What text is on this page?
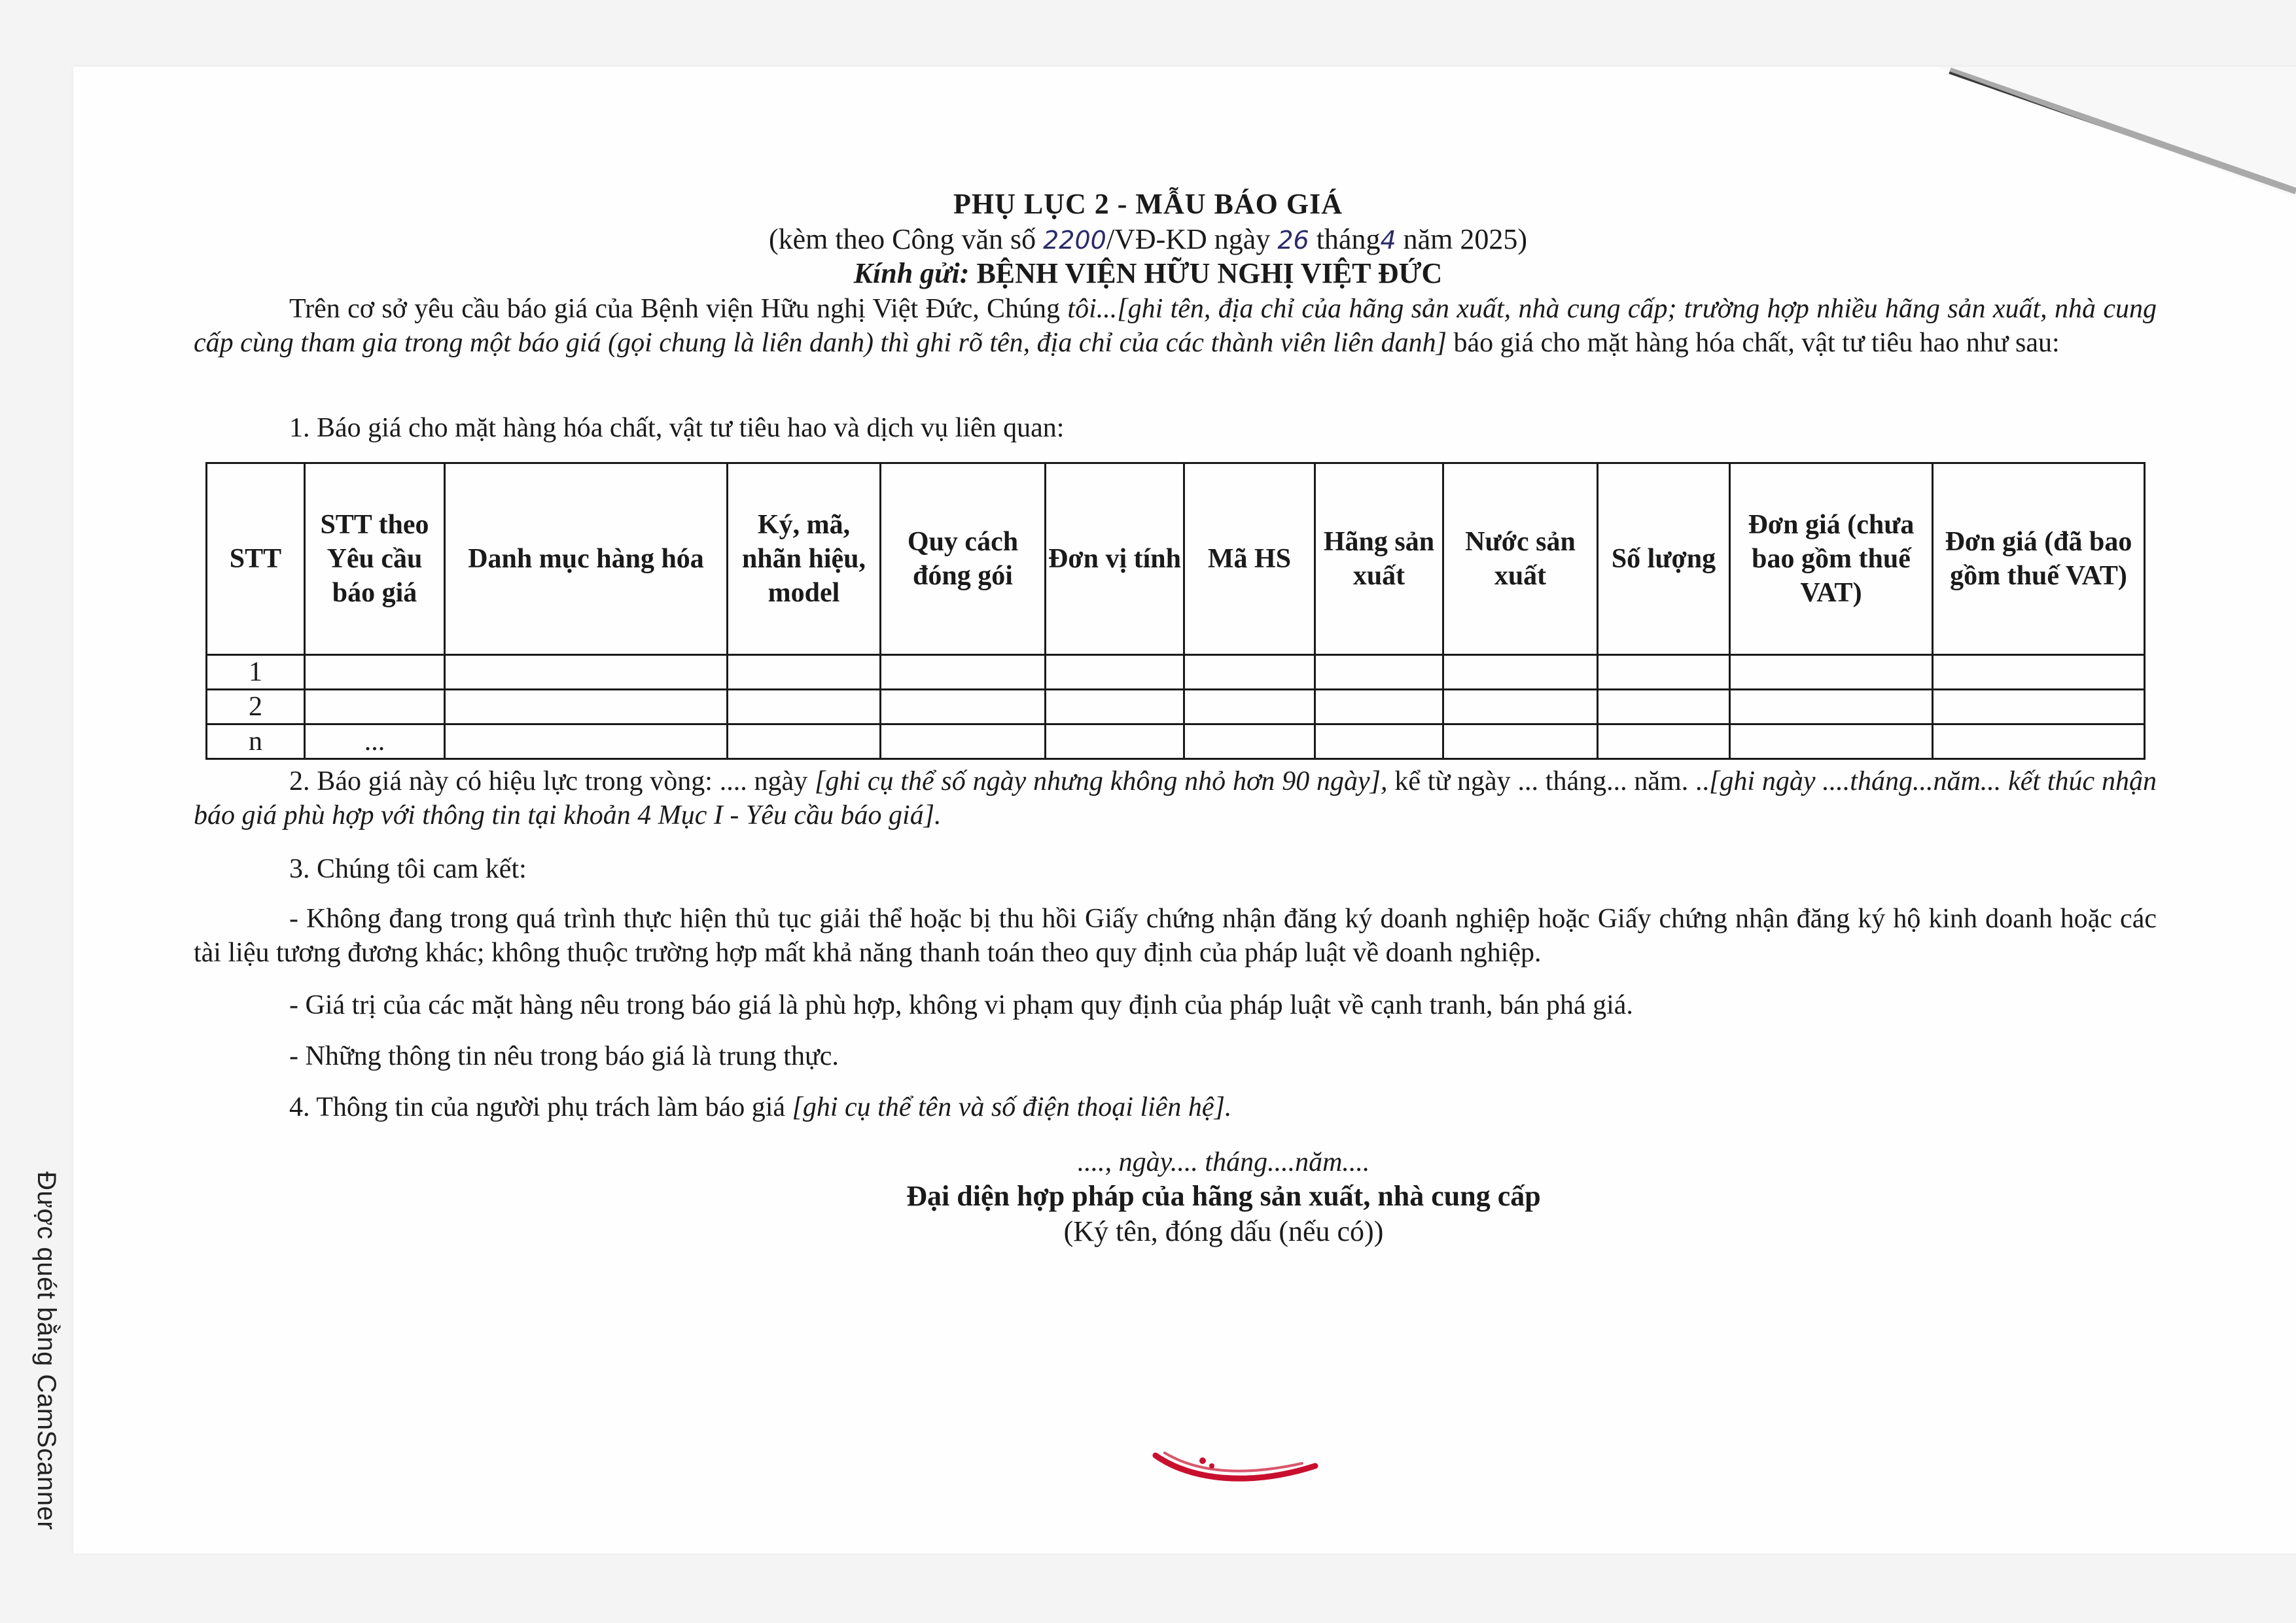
Được quét bằng CamScanner
PHỤ LỤC 2 - MẪU BÁO GIÁ
(kèm theo Công văn số 2200/VĐ-KD ngày 26 tháng4 năm 2025)
Kính gửi: BỆNH VIỆN HỮU NGHỊ VIỆT ĐỨC
Trên cơ sở yêu cầu báo giá của Bệnh viện Hữu nghị Việt Đức, Chúng tôi...[ghi tên, địa chỉ của hãng sản xuất, nhà cung cấp; trường hợp nhiều hãng sản xuất, nhà cung cấp cùng tham gia trong một báo giá (gọi chung là liên danh) thì ghi rõ tên, địa chỉ của các thành viên liên danh] báo giá cho mặt hàng hóa chất, vật tư tiêu hao như sau:
1. Báo giá cho mặt hàng hóa chất, vật tư tiêu hao và dịch vụ liên quan:
STT	STT theo Yêu cầu báo giá	Danh mục hàng hóa	Ký, mã, nhãn hiệu, model	Quy cách đóng gói	Đơn vị tính	Mã HS	Hãng sản xuất	Nước sản xuất	Số lượng	Đơn giá (chưa bao gồm thuế VAT)	Đơn giá (đã bao gồm thuế VAT)
1											
2											
n	...										
2. Báo giá này có hiệu lực trong vòng: .... ngày [ghi cụ thể số ngày nhưng không nhỏ hơn 90 ngày], kể từ ngày ... tháng... năm. ..[ghi ngày ....tháng...năm... kết thúc nhận báo giá phù hợp với thông tin tại khoản 4 Mục I - Yêu cầu báo giá].
3. Chúng tôi cam kết:
- Không đang trong quá trình thực hiện thủ tục giải thể hoặc bị thu hồi Giấy chứng nhận đăng ký doanh nghiệp hoặc Giấy chứng nhận đăng ký hộ kinh doanh hoặc các tài liệu tương đương khác; không thuộc trường hợp mất khả năng thanh toán theo quy định của pháp luật về doanh nghiệp.
- Giá trị của các mặt hàng nêu trong báo giá là phù hợp, không vi phạm quy định của pháp luật về cạnh tranh, bán phá giá.
- Những thông tin nêu trong báo giá là trung thực.
4. Thông tin của người phụ trách làm báo giá [ghi cụ thể tên và số điện thoại liên hệ].
...., ngày.... tháng....năm....
Đại diện hợp pháp của hãng sản xuất, nhà cung cấp
(Ký tên, đóng dấu (nếu có))
